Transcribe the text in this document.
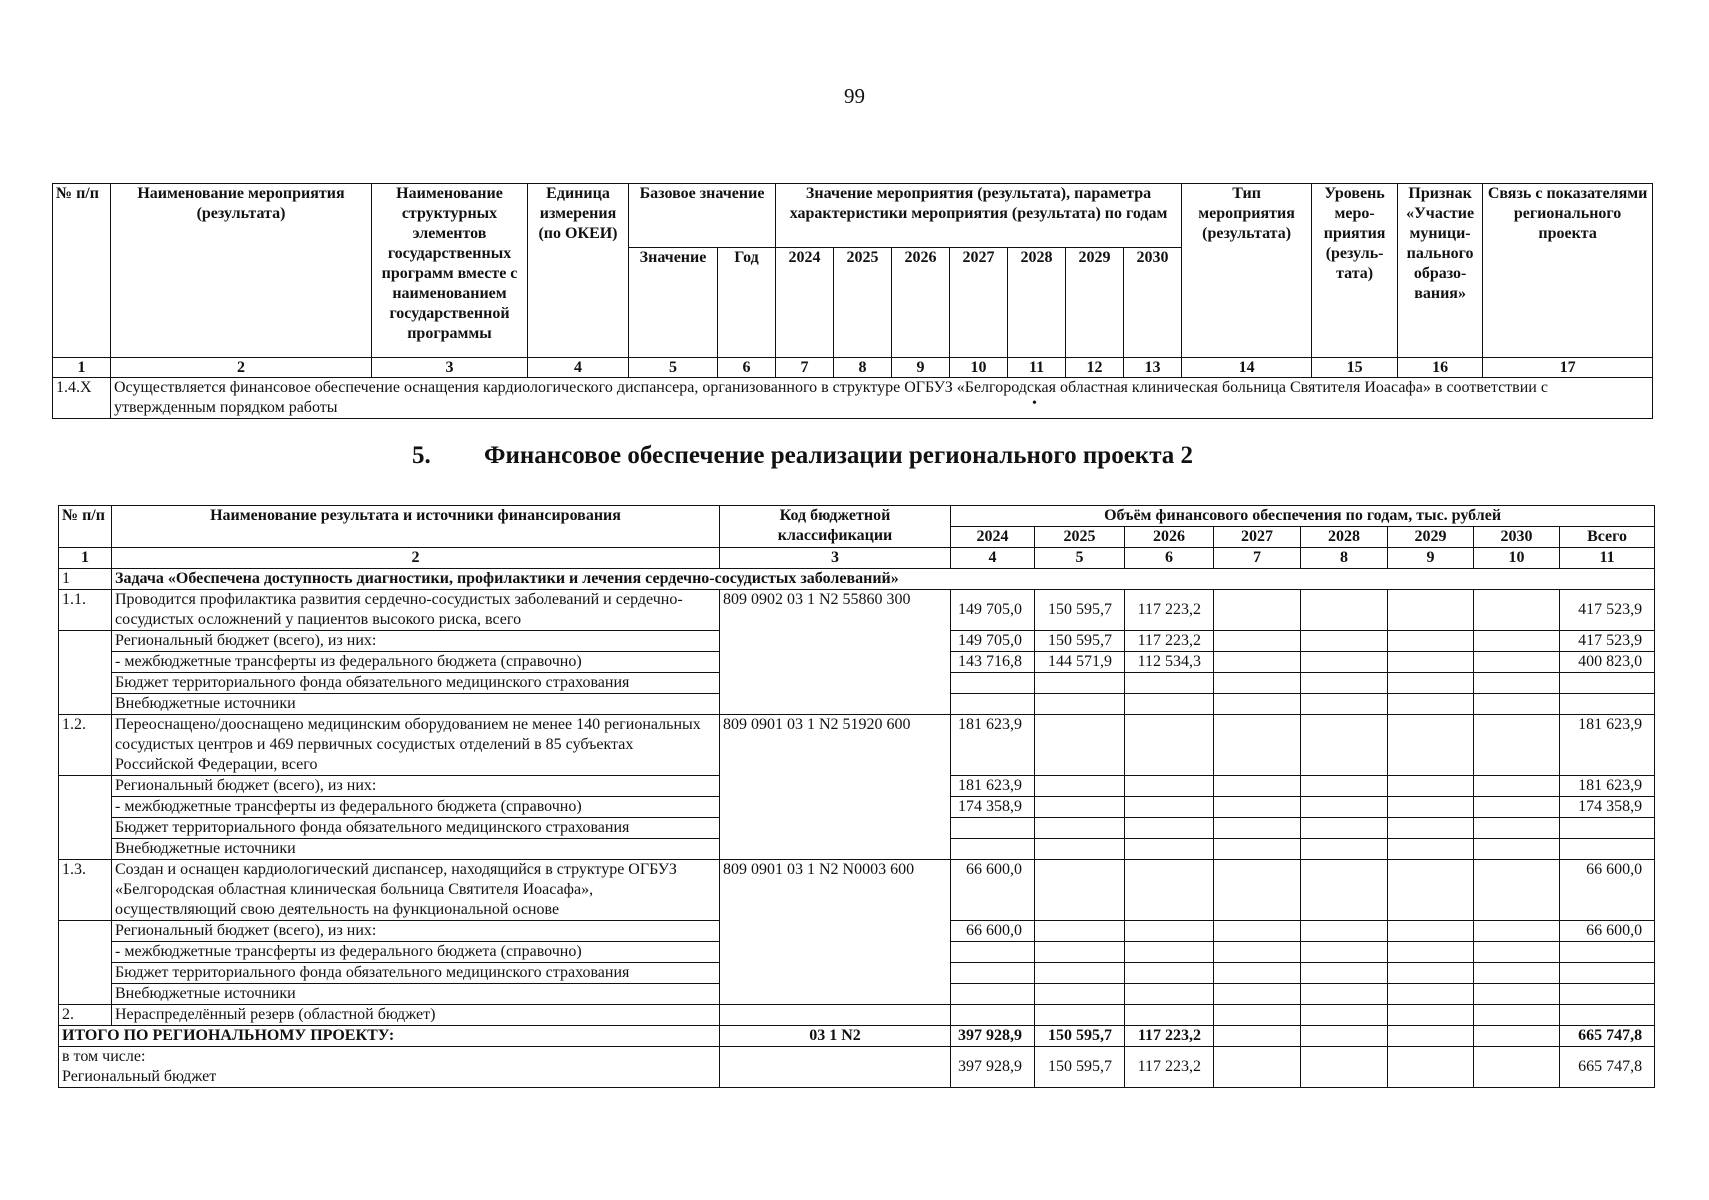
99
№ п/п	Наименование мероприятия (результата)	Наименование структурных элементов государственных программ вместе с наименованием государственной программы	Единица измерения (по ОКЕИ)	Базовое значение		Значение мероприятия (результата), параметра характеристики мероприятия (результата) по годам							Тип мероприятия (результата)	Уровень меро-приятия (резуль-тата)	Признак «Участие муници-пального образо-вания»	Связь с показателями регионального проекта
				Значение	Год	2024	2025	2026	2027	2028	2029	2030				
1	2	3	4	5	6	7	8	9	10	11	12	13	14	15	16	17
1.4.X	Осуществляется финансовое обеспечение оснащения кардиологического диспансера, организованного в структуре ОГБУЗ «Белгородская областная клиническая больница Святителя Иоасафа» в соответствии с утвержденным порядком работы															
5. Финансовое обеспечение реализации регионального проекта 2
№ п/п	Наименование результата и источники финансирования	Код бюджетной классификации	Объём финансового обеспечения по годам, тыс. рублей							
			2024	2025	2026	2027	2028	2029	2030	Всего
1	2	3	4	5	6	7	8	9	10	11
1	Задача «Обеспечена доступность диагностики, профилактики и лечения сердечно-сосудистых заболеваний»									
1.1.	Проводится профилактика развития сердечно-сосудистых заболеваний и сердечно-сосудистых осложнений у пациентов высокого риска, всего	809 0902 03 1 N2 55860 300	149 705,0	150 595,7	117 223,2					417 523,9
	Региональный бюджет (всего), из них:		149 705,0	150 595,7	117 223,2					417 523,9
	- межбюджетные трансферты из федерального бюджета (справочно)		143 716,8	144 571,9	112 534,3					400 823,0
	Бюджет территориального фонда обязательного медицинского страхования									
	Внебюджетные источники									
1.2.	Переоснащено/дооснащено медицинским оборудованием не менее 140 региональных сосудистых центров и 469 первичных сосудистых отделений в 85 субъектах Российской Федерации, всего	809 0901 03 1 N2 51920 600	181 623,9							181 623,9
	Региональный бюджет (всего), из них:		181 623,9							181 623,9
	- межбюджетные трансферты из федерального бюджета (справочно)		174 358,9							174 358,9
	Бюджет территориального фонда обязательного медицинского страхования									
	Внебюджетные источники									
1.3.	Создан и оснащен кардиологический диспансер, находящийся в структуре ОГБУЗ «Белгородская областная клиническая больница Святителя Иоасафа», осуществляющий свою деятельность на функциональной основе	809 0901 03 1 N2 N0003 600	66 600,0							66 600,0
	Региональный бюджет (всего), из них:		66 600,0							66 600,0
	- межбюджетные трансферты из федерального бюджета (справочно)									
	Бюджет территориального фонда обязательного медицинского страхования									
	Внебюджетные источники									
2.	Нераспределённый резерв (областной бюджет)									
ИТОГО ПО РЕГИОНАЛЬНОМУ ПРОЕКТУ:		03 1 N2	397 928,9	150 595,7	117 223,2					665 747,8
в том числе:
Региональный бюджет			397 928,9	150 595,7	117 223,2					665 747,8
•
